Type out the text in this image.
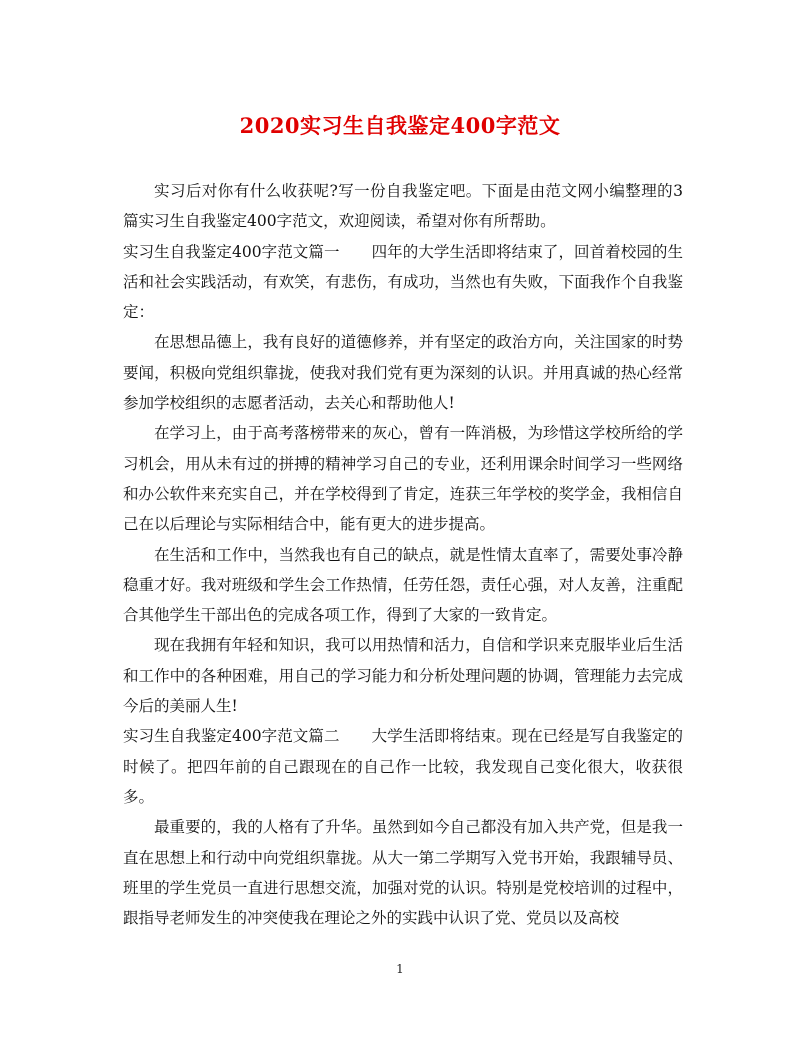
2020实习生自我鉴定400字范文

实习后对你有什么收获呢?写一份自我鉴定吧。下面是由范文网小编整理的3篇实习生自我鉴定400字范文，欢迎阅读，希望对你有所帮助。

实习生自我鉴定400字范文篇一 四年的大学生活即将结束了，回首着校园的生活和社会实践活动，有欢笑，有悲伤，有成功，当然也有失败，下面我作个自我鉴定：

在思想品德上，我有良好的道德修养，并有坚定的政治方向，关注国家的时势要闻，积极向党组织靠拢，使我对我们党有更为深刻的认识。并用真诚的热心经常参加学校组织的志愿者活动，去关心和帮助他人!

在学习上，由于高考落榜带来的灰心，曾有一阵消极，为珍惜这学校所给的学习机会，用从未有过的拼搏的精神学习自己的专业，还利用课余时间学习一些网络和办公软件来充实自己，并在学校得到了肯定，连获三年学校的奖学金，我相信自己在以后理论与实际相结合中，能有更大的进步提高。

在生活和工作中，当然我也有自己的缺点，就是性情太直率了，需要处事冷静稳重才好。我对班级和学生会工作热情，任劳任怨，责任心强，对人友善，注重配合其他学生干部出色的完成各项工作，得到了大家的一致肯定。

现在我拥有年轻和知识，我可以用热情和活力，自信和学识来克服毕业后生活和工作中的各种困难，用自己的学习能力和分析处理问题的协调，管理能力去完成今后的美丽人生!

实习生自我鉴定400字范文篇二 大学生活即将结束。现在已经是写自我鉴定的时候了。把四年前的自己跟现在的自己作一比较，我发现自己变化很大，收获很多。

最重要的，我的人格有了升华。虽然到如今自己都没有加入共产党，但是我一直在思想上和行动中向党组织靠拢。从大一第二学期写入党书开始，我跟辅导员、班里的学生党员一直进行思想交流，加强对党的认识。特别是党校培训的过程中，跟指导老师发生的冲突使我在理论之外的实践中认识了党、党员以及高校

1
